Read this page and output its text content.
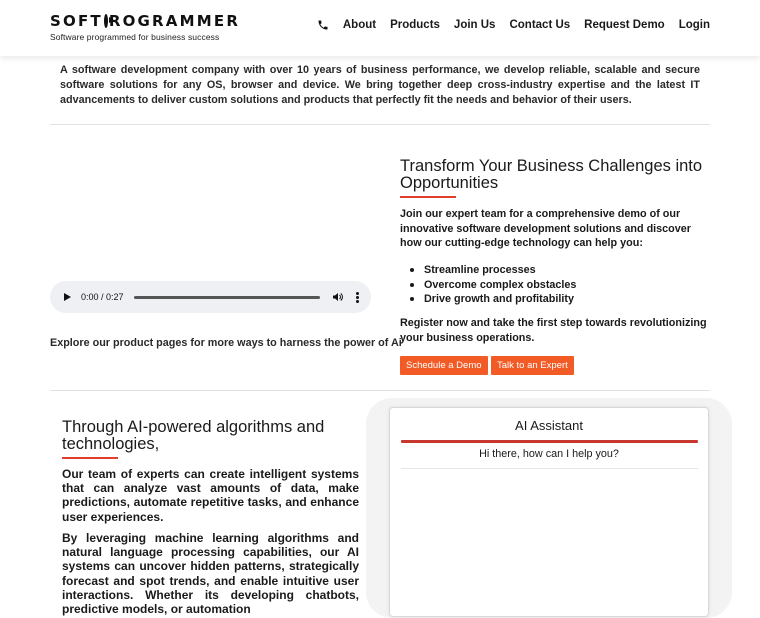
SOFT ROGRAMMER
Software programmed for business success
About Products Join Us Contact Us Request Demo Login

A software development company with over 10 years of business performance, we develop reliable, scalable and secure software solutions for any OS, browser and device. We bring together deep cross-industry expertise and the latest IT advancements to deliver custom solutions and products that perfectly fit the needs and behavior of their users.

0:00 / 0:27

Explore our product pages for more ways to harness the power of Ai

Transform Your Business Challenges into Opportunities

Join our expert team for a comprehensive demo of our innovative software development solutions and discover how our cutting-edge technology can help you:

Streamline processes
Overcome complex obstacles
Drive growth and profitability

Register now and take the first step towards revolutionizing your business operations.

Schedule a Demo	Talk to an Expert
Through AI-powered algorithms and technologies,

Our team of experts can create intelligent systems that can analyze vast amounts of data, make predictions, automate repetitive tasks, and enhance user experiences.

By leveraging machine learning algorithms and natural language processing capabilities, our AI systems can uncover hidden patterns, strategically forecast and spot trends, and enable intuitive user interactions. Whether its developing chatbots, predictive models, or automation

AI Assistant
Hi there, how can I help you?
